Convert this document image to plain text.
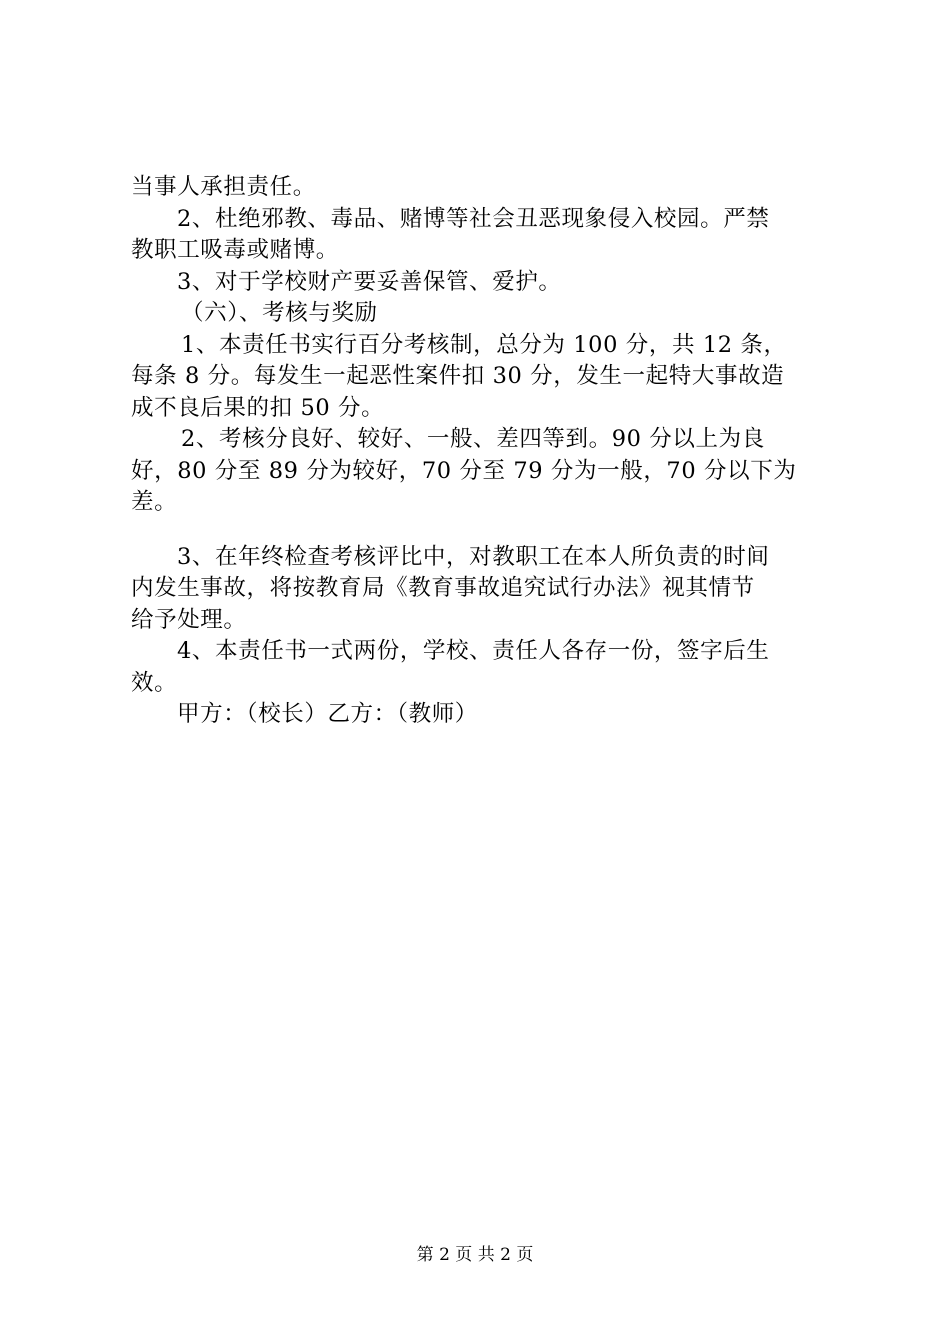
当事人承担责任。

2、杜绝邪教、毒品、赌博等社会丑恶现象侵入校园。严禁

教职工吸毒或赌博。

3、对于学校财产要妥善保管、爱护。

（六）、考核与奖励

1、本责任书实行百分考核制，总分为 100 分，共 12 条，

每条 8 分。每发生一起恶性案件扣 30 分，发生一起特大事故造

成不良后果的扣 50 分。

2、考核分良好、较好、一般、差四等到。90 分以上为良

好，80 分至 89 分为较好，70 分至 79 分为一般，70 分以下为差。

3、在年终检查考核评比中，对教职工在本人所负责的时间

内发生事故，将按教育局《教育事故追究试行办法》视其情节

给予处理。

4、本责任书一式两份，学校、责任人各存一份，签字后生

效。

甲方：（校长）乙方：（教师）

第 2 页 共 2 页
